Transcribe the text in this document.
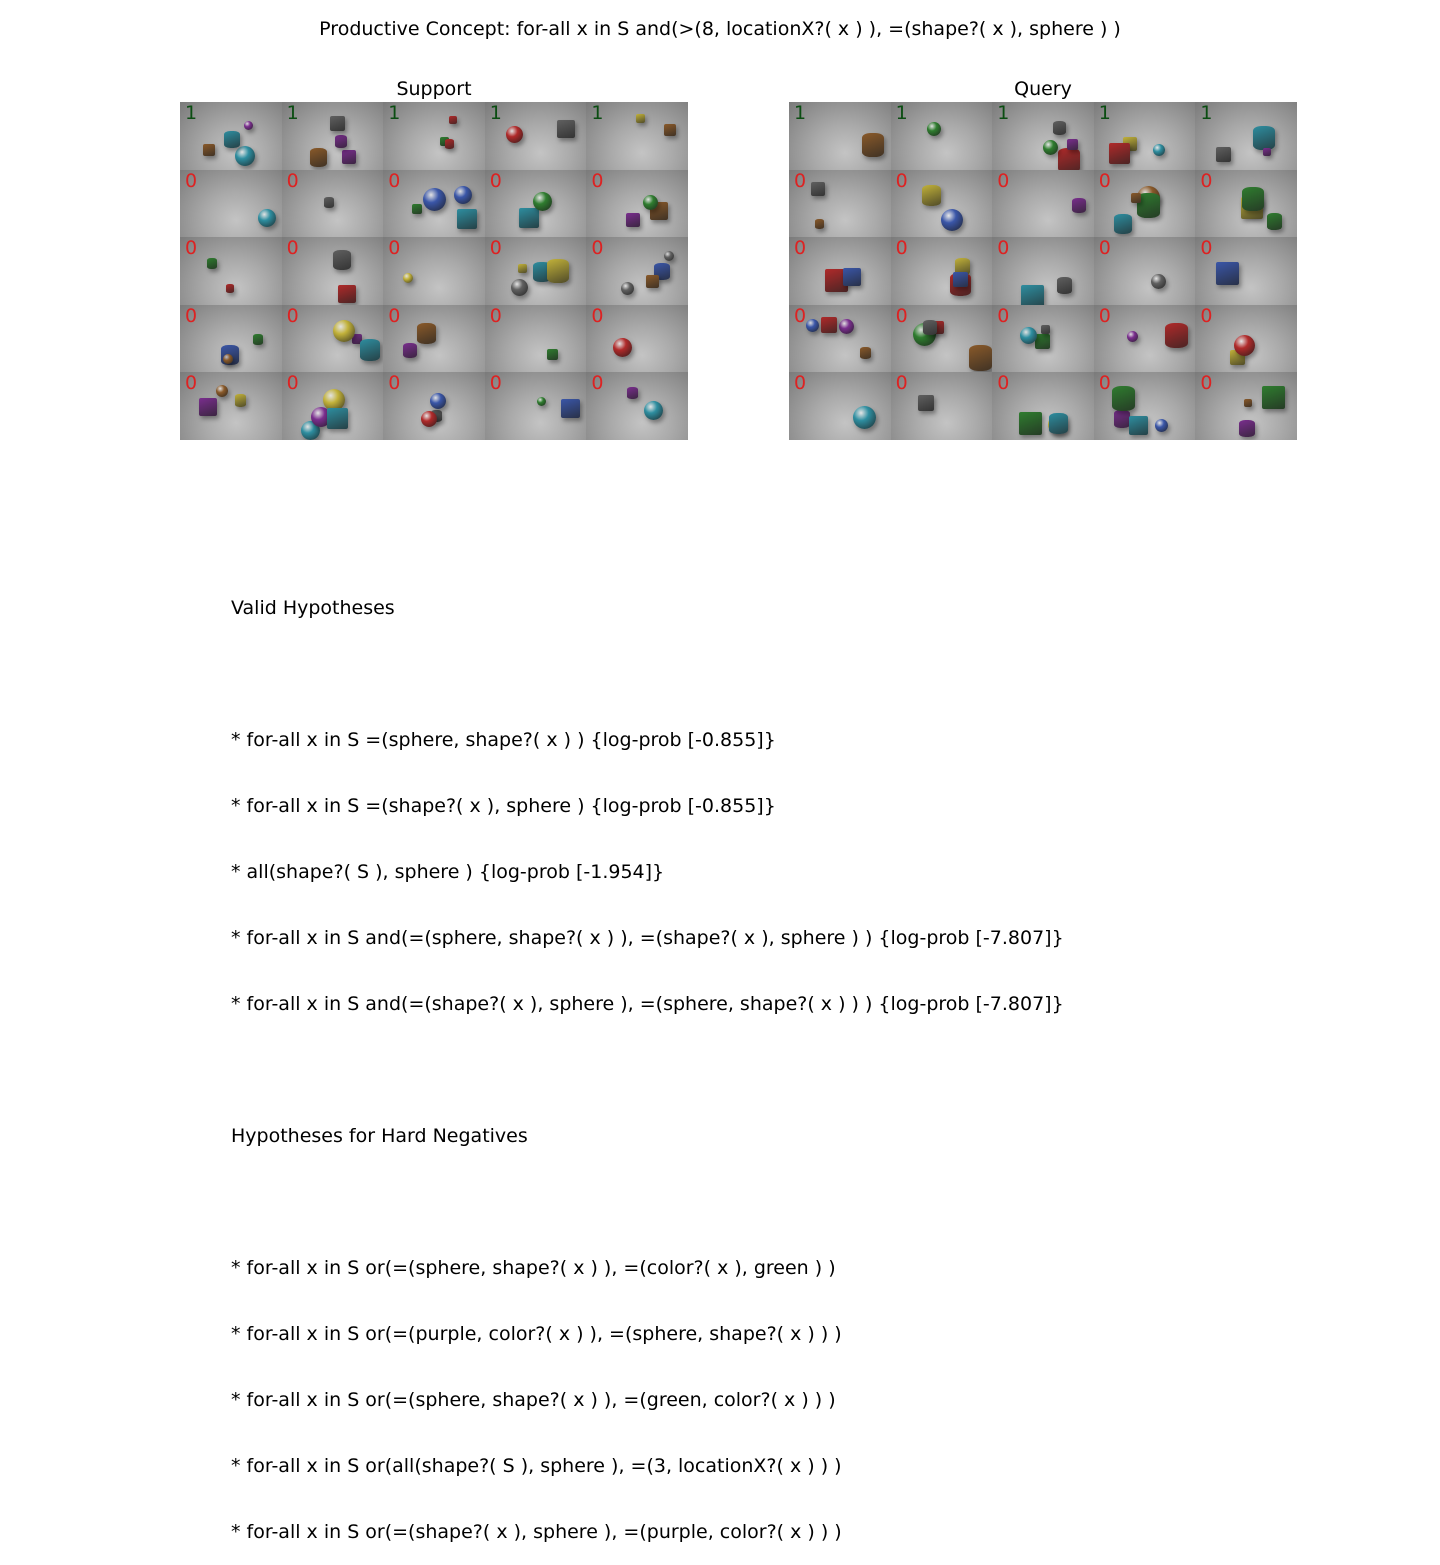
Productive Concept: for-all x in S and(>(8, locationX?( x ) ), =(shape?( x ), sphere ) )
Support
1	1	1	1	1
0	0	0	0	0
0	0	0	0	0
0	0	0	0	0
0	0	0	0	0
Query
1	1	1	1	1
0	0	0	0	0
0	0	0	0	0
0	0	0	0	0
0	0	0	0	0

Valid Hypotheses

* for-all x in S =(sphere, shape?( x ) ) {log-prob [-0.855]}

* for-all x in S =(shape?( x ), sphere ) {log-prob [-0.855]}

* all(shape?( S ), sphere ) {log-prob [-1.954]}

* for-all x in S and(=(sphere, shape?( x ) ), =(shape?( x ), sphere ) ) {log-prob [-7.807]}

* for-all x in S and(=(shape?( x ), sphere ), =(sphere, shape?( x ) ) ) {log-prob [-7.807]}

Hypotheses for Hard Negatives

* for-all x in S or(=(sphere, shape?( x ) ), =(color?( x ), green ) )

* for-all x in S or(=(purple, color?( x ) ), =(sphere, shape?( x ) ) )

* for-all x in S or(=(sphere, shape?( x ) ), =(green, color?( x ) ) )

* for-all x in S or(all(shape?( S ), sphere ), =(3, locationX?( x ) ) )

* for-all x in S or(=(shape?( x ), sphere ), =(purple, color?( x ) ) )
